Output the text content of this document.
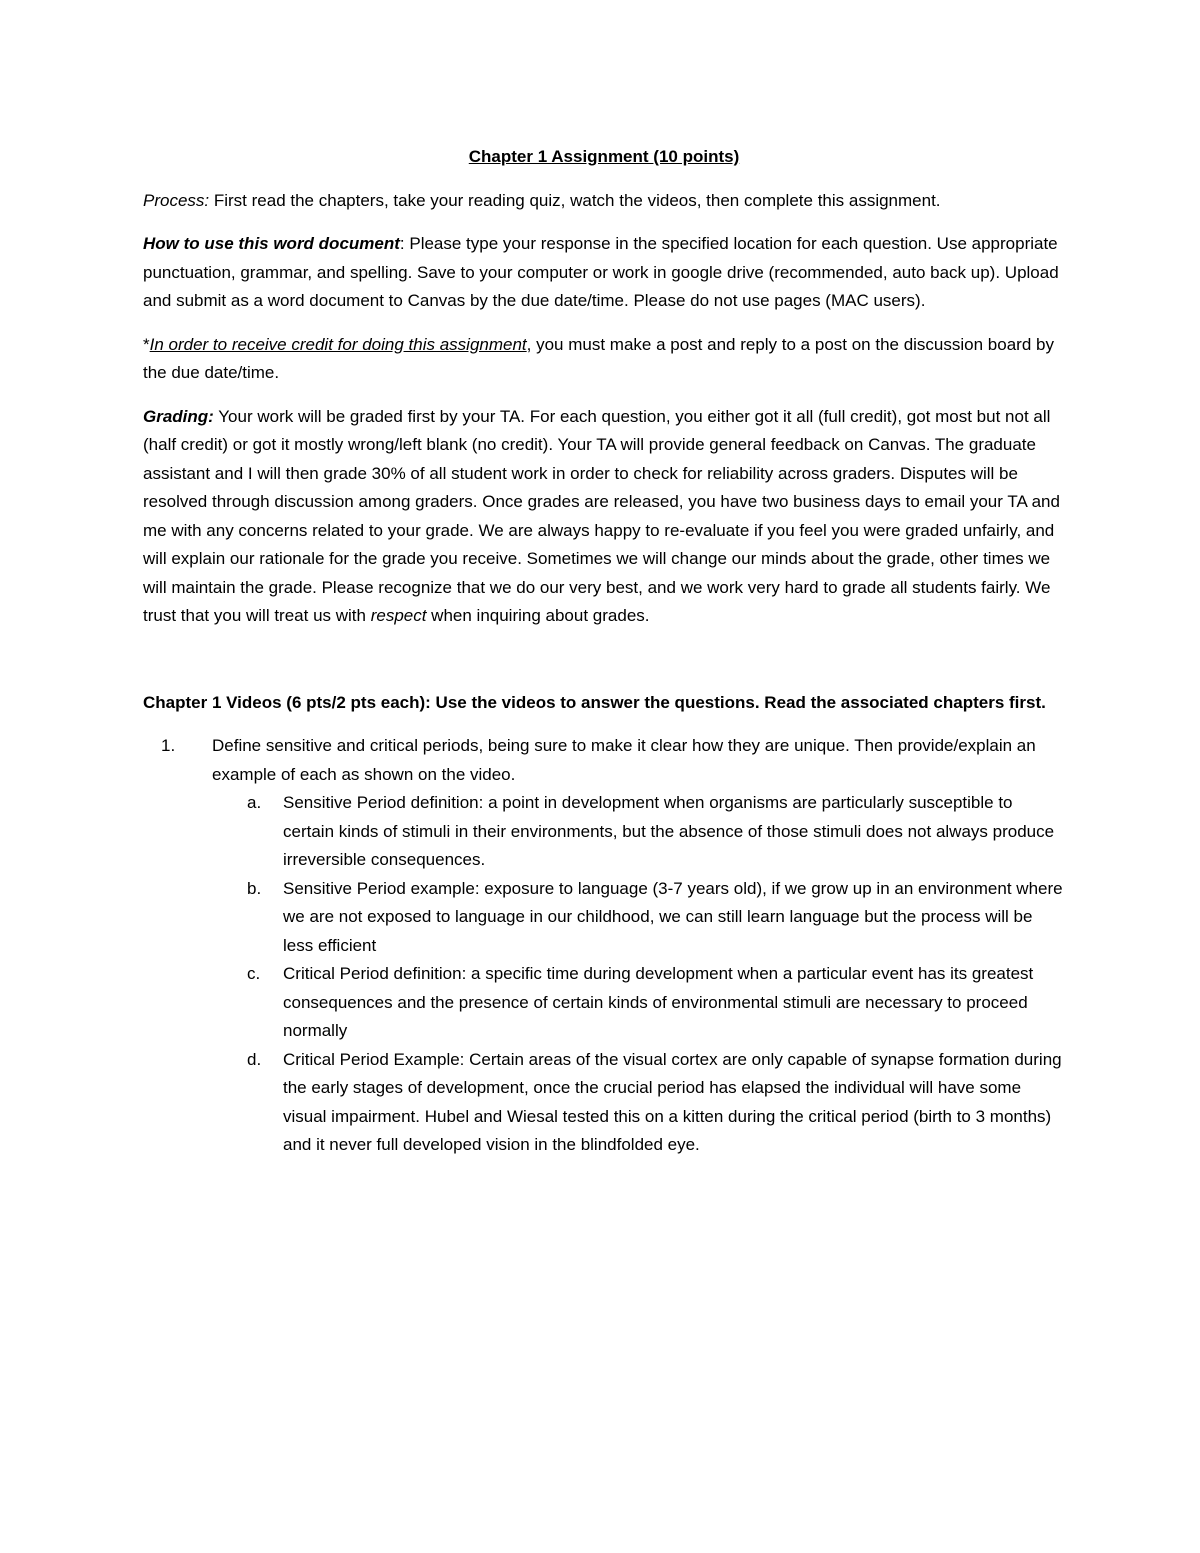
Chapter 1 Assignment (10 points)

Process: First read the chapters, take your reading quiz, watch the videos, then complete this assignment.

How to use this word document: Please type your response in the specified location for each question. Use appropriate punctuation, grammar, and spelling. Save to your computer or work in google drive (recommended, auto back up). Upload and submit as a word document to Canvas by the due date/time. Please do not use pages (MAC users).

*In order to receive credit for doing this assignment, you must make a post and reply to a post on the discussion board by the due date/time.

Grading: Your work will be graded first by your TA. For each question, you either got it all (full credit), got most but not all (half credit) or got it mostly wrong/left blank (no credit). Your TA will provide general feedback on Canvas. The graduate assistant and I will then grade 30% of all student work in order to check for reliability across graders. Disputes will be resolved through discussion among graders. Once grades are released, you have two business days to email your TA and me with any concerns related to your grade. We are always happy to re-evaluate if you feel you were graded unfairly, and will explain our rationale for the grade you receive. Sometimes we will change our minds about the grade, other times we will maintain the grade. Please recognize that we do our very best, and we work very hard to grade all students fairly. We trust that you will treat us with respect when inquiring about grades.

Chapter 1 Videos (6 pts/2 pts each): Use the videos to answer the questions. Read the associated chapters first.
1. Define sensitive and critical periods, being sure to make it clear how they are unique. Then provide/explain an example of each as shown on the video.
a. Sensitive Period definition: a point in development when organisms are particularly susceptible to certain kinds of stimuli in their environments, but the absence of those stimuli does not always produce irreversible consequences.
b. Sensitive Period example: exposure to language (3-7 years old), if we grow up in an environment where we are not exposed to language in our childhood, we can still learn language but the process will be less efficient
c. Critical Period definition: a specific time during development when a particular event has its greatest consequences and the presence of certain kinds of environmental stimuli are necessary to proceed normally
d. Critical Period Example: Certain areas of the visual cortex are only capable of synapse formation during the early stages of development, once the crucial period has elapsed the individual will have some visual impairment. Hubel and Wiesal tested this on a kitten during the critical period (birth to 3 months) and it never full developed vision in the blindfolded eye.
